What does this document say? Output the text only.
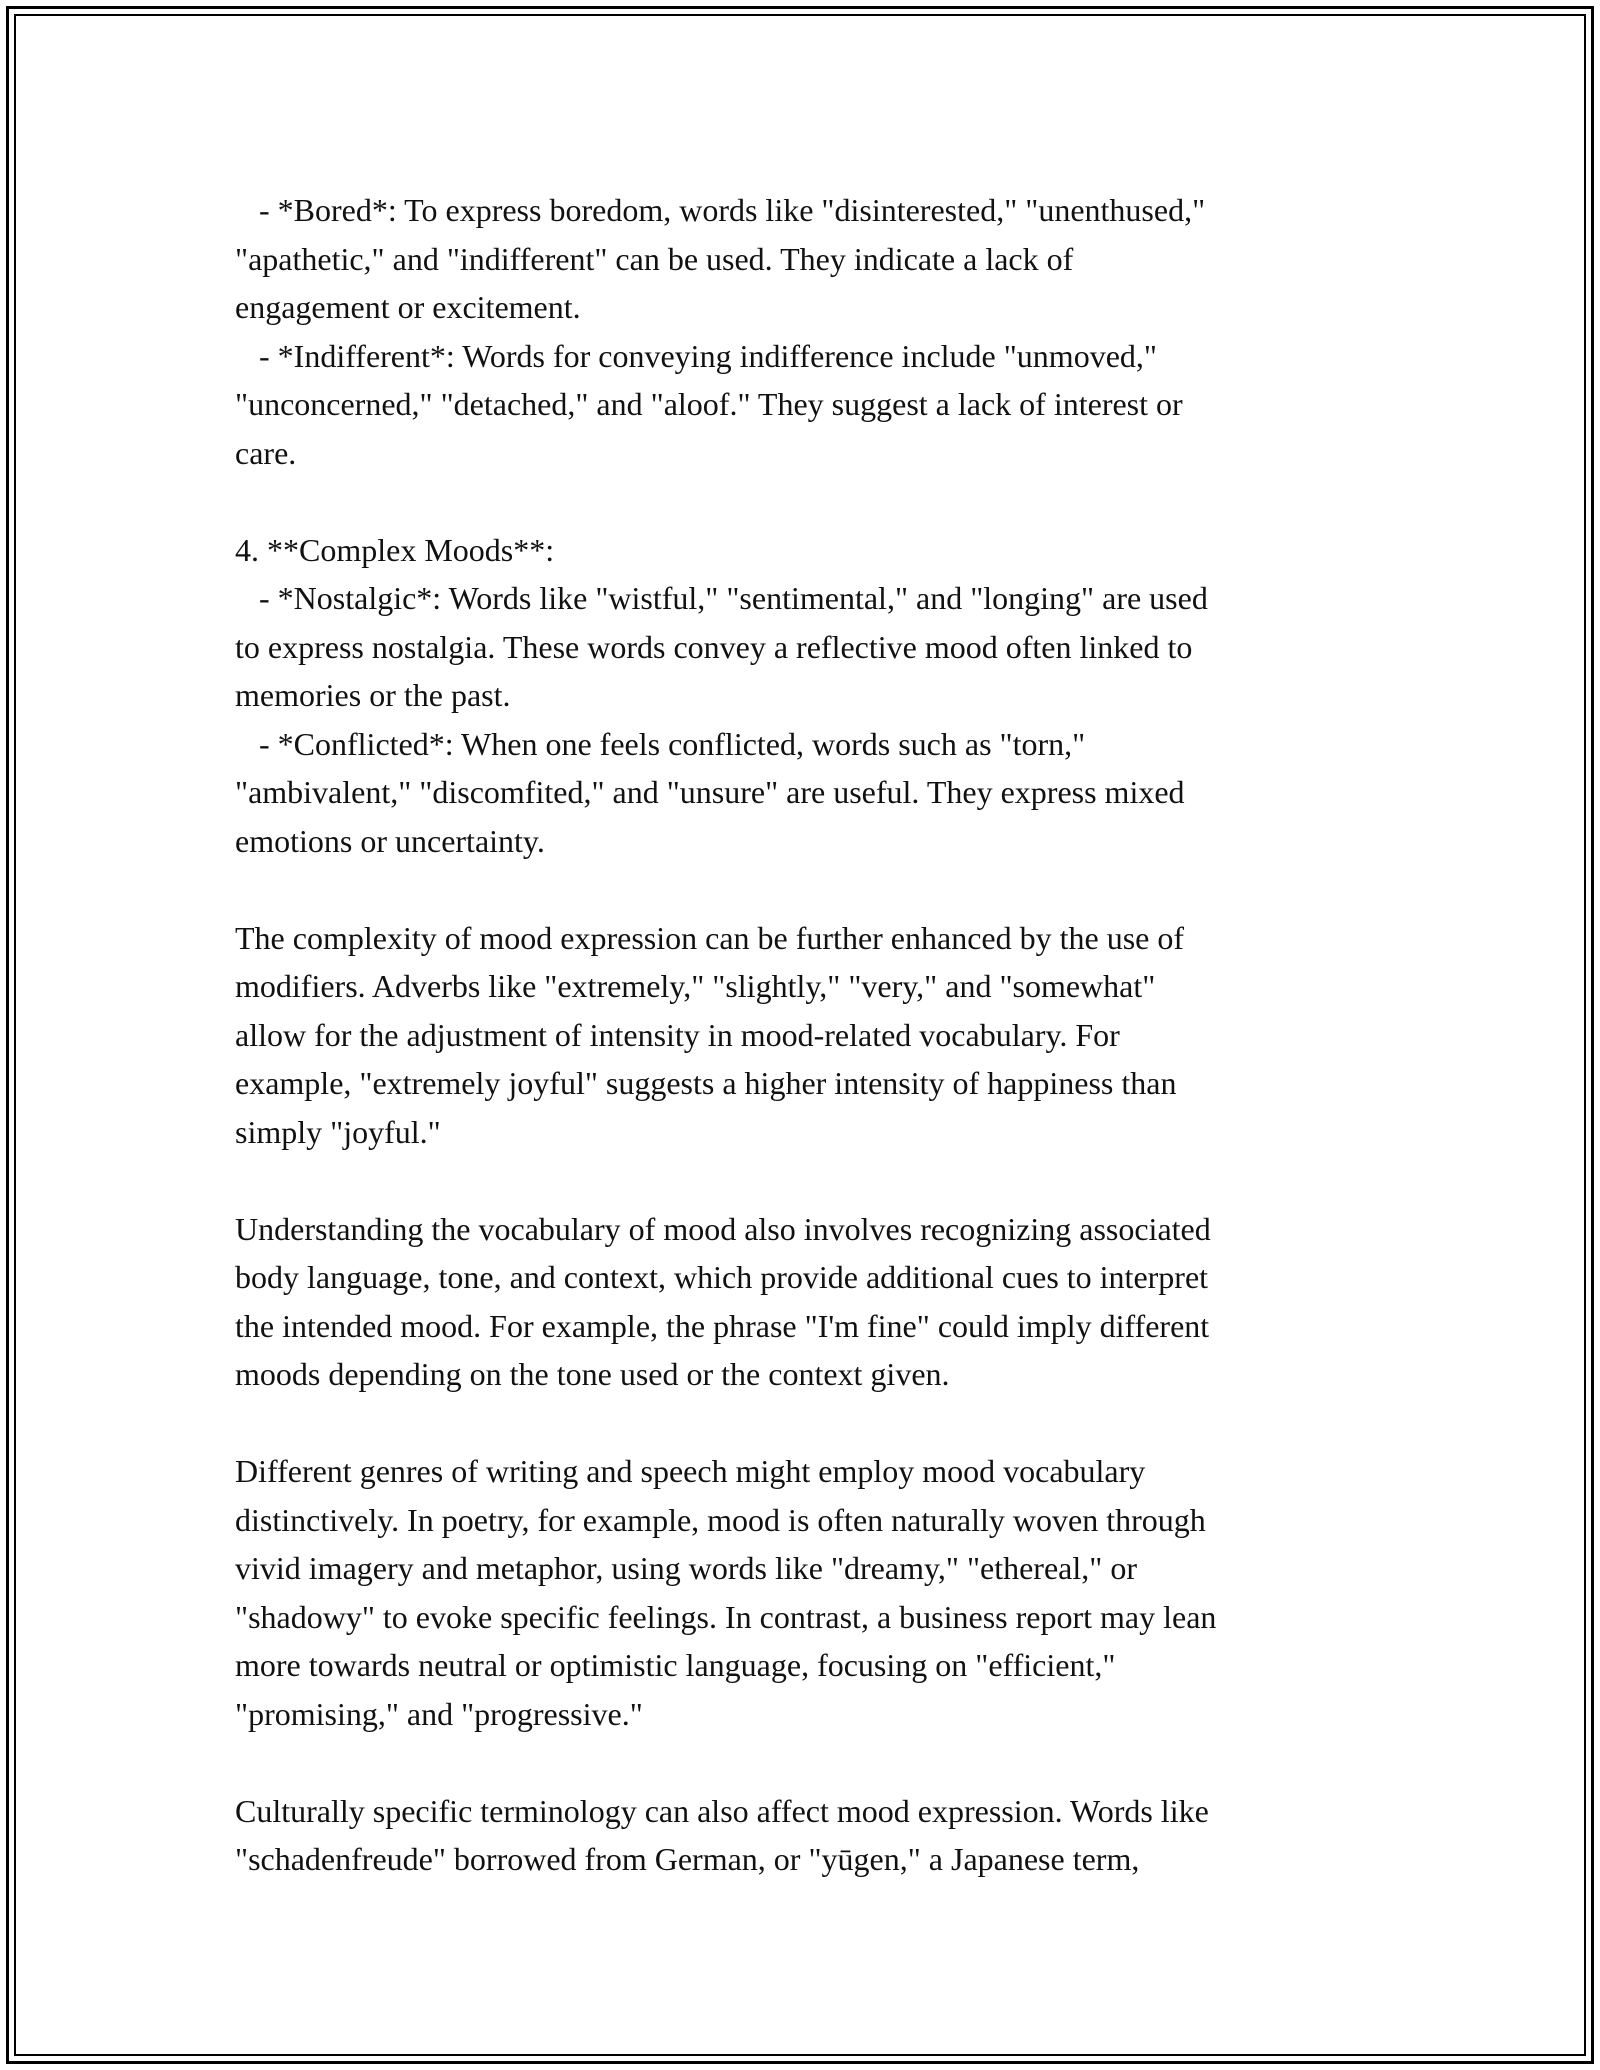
- *Bored*: To express boredom, words like "disinterested," "unenthused,"

"apathetic," and "indifferent" can be used. They indicate a lack of

engagement or excitement.

- *Indifferent*: Words for conveying indifference include "unmoved,"

"unconcerned," "detached," and "aloof." They suggest a lack of interest or

care.

4. **Complex Moods**:

- *Nostalgic*: Words like "wistful," "sentimental," and "longing" are used

to express nostalgia. These words convey a reflective mood often linked to

memories or the past.

- *Conflicted*: When one feels conflicted, words such as "torn,"

"ambivalent," "discomfited," and "unsure" are useful. They express mixed

emotions or uncertainty.

The complexity of mood expression can be further enhanced by the use of

modifiers. Adverbs like "extremely," "slightly," "very," and "somewhat"

allow for the adjustment of intensity in mood-related vocabulary. For

example, "extremely joyful" suggests a higher intensity of happiness than

simply "joyful."

Understanding the vocabulary of mood also involves recognizing associated

body language, tone, and context, which provide additional cues to interpret

the intended mood. For example, the phrase "I'm fine" could imply different

moods depending on the tone used or the context given.

Different genres of writing and speech might employ mood vocabulary

distinctively. In poetry, for example, mood is often naturally woven through

vivid imagery and metaphor, using words like "dreamy," "ethereal," or

"shadowy" to evoke specific feelings. In contrast, a business report may lean

more towards neutral or optimistic language, focusing on "efficient,"

"promising," and "progressive."

Culturally specific terminology can also affect mood expression. Words like

"schadenfreude" borrowed from German, or "yūgen," a Japanese term,
